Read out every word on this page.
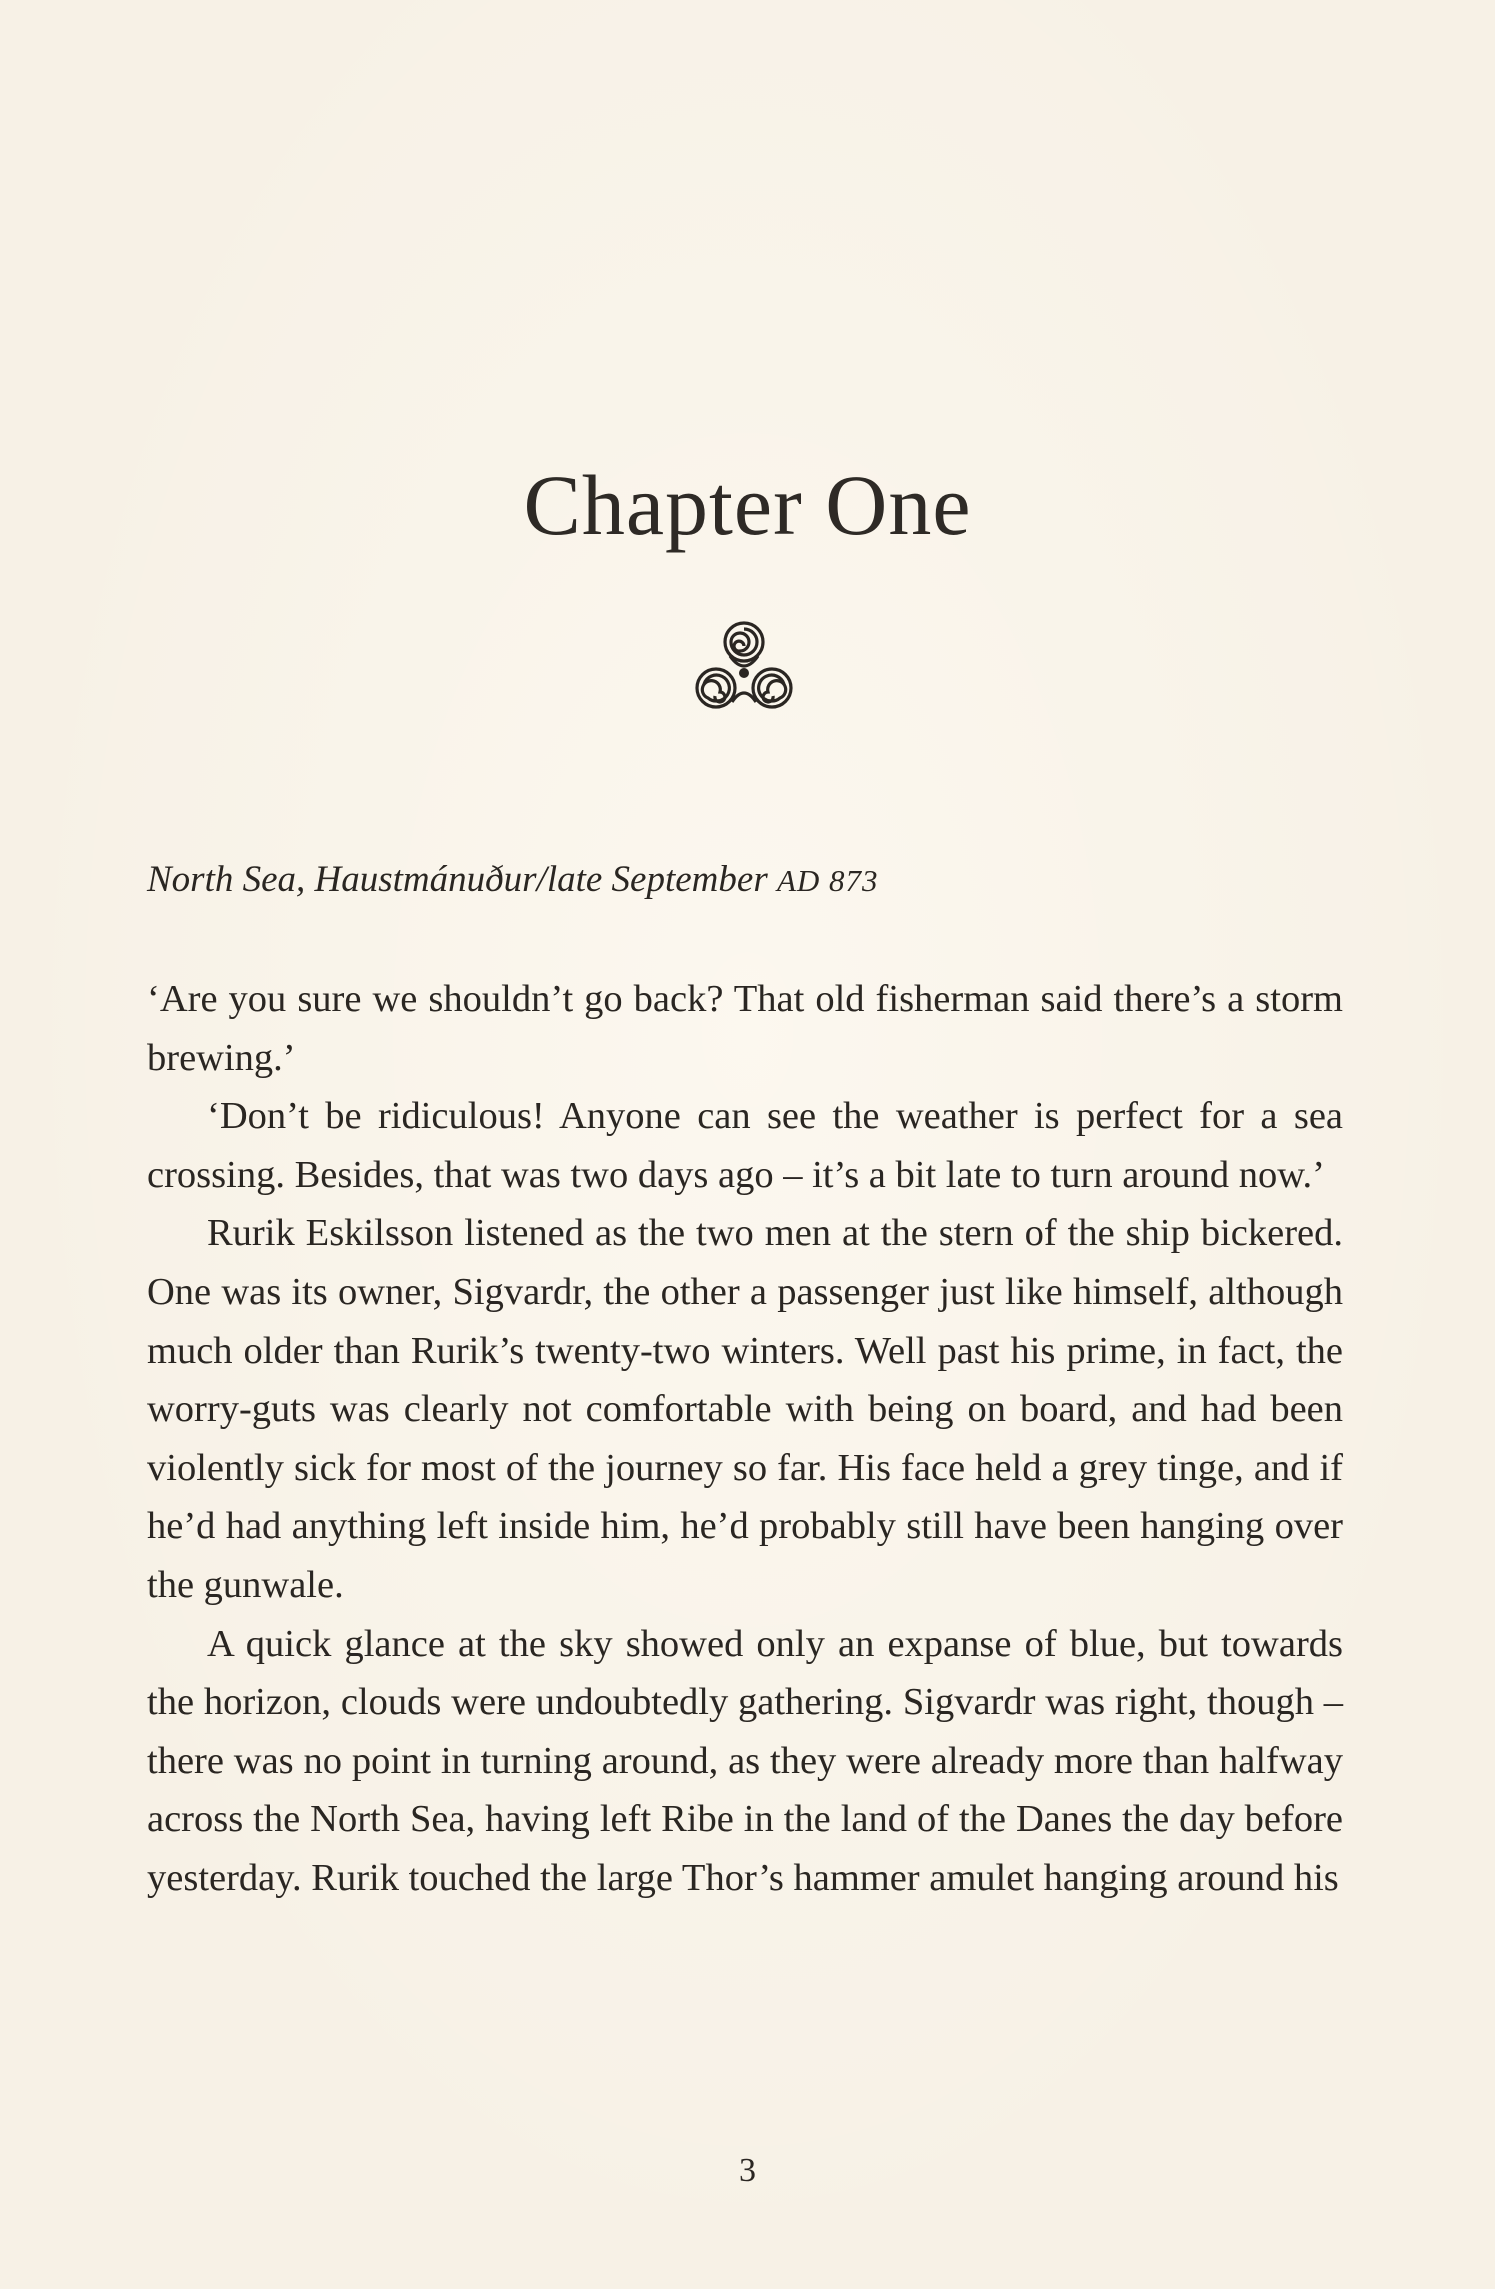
Chapter One
North Sea, Haustmánuður/late September AD 873

‘Are you sure we shouldn’t go back? That old fisherman said there’s a storm brewing.’

‘Don’t be ridiculous! Anyone can see the weather is perfect for a sea crossing. Besides, that was two days ago – it’s a bit late to turn around now.’

Rurik Eskilsson listened as the two men at the stern of the ship bickered. One was its owner, Sigvardr, the other a passenger just like himself, although much older than Rurik’s twenty-two winters. Well past his prime, in fact, the worry-guts was clearly not comfortable with being on board, and had been violently sick for most of the journey so far. His face held a grey tinge, and if he’d had anything left inside him, he’d probably still have been hanging over the gunwale.

A quick glance at the sky showed only an expanse of blue, but towards the horizon, clouds were undoubtedly gathering. Sigvardr was right, though – there was no point in turning around, as they were already more than halfway across the North Sea, having left Ribe in the land of the Danes the day before yesterday. Rurik touched the large Thor’s hammer amulet hanging around his

3
